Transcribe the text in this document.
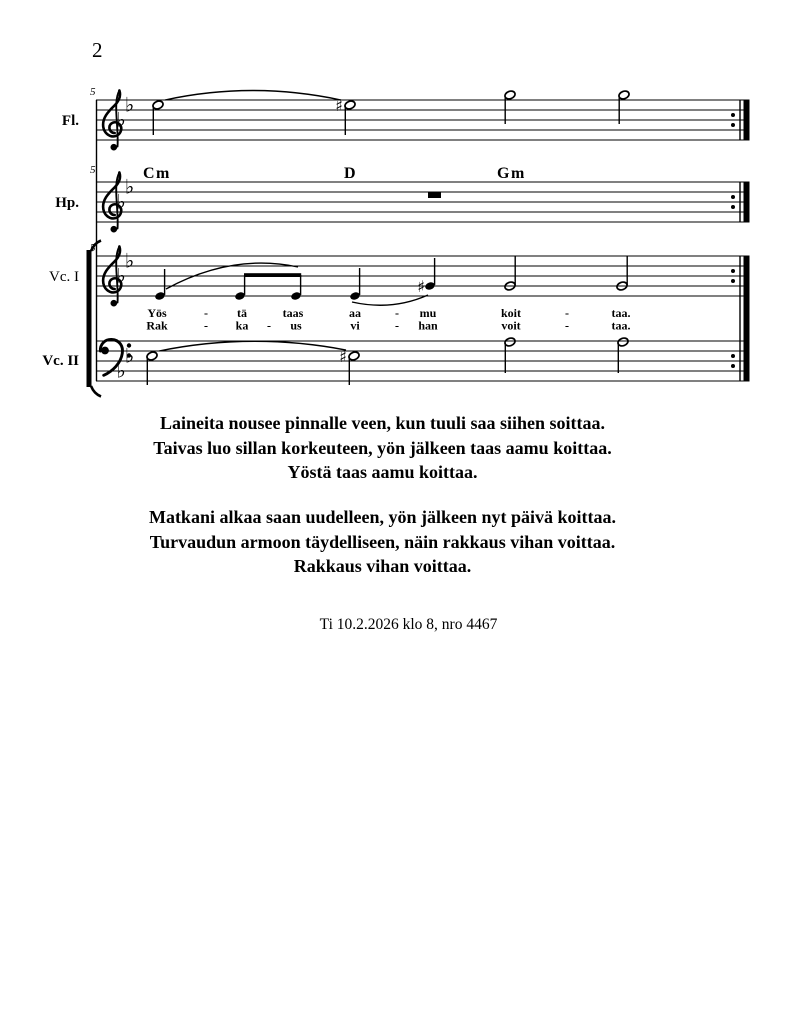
2
5
Fl. ♭
♭	♯
5
Hp. ♭
♭
Cm	D	Gm
5
Vc. I ♭
♭
♯
Yös	- tä	taas	aa	- mu	koit	-	taa.
Rak	- ka - us	vi	- han	voit	-	taa.
Vc. II ♭
♭	♯
Laineita nousee pinnalle veen, kun tuuli saa siihen soittaa.
Taivas luo sillan korkeuteen, yön jälkeen taas aamu koittaa.
Yöstä taas aamu koittaa.
Matkani alkaa saan uudelleen, yön jälkeen nyt päivä koittaa.
Turvaudun armoon täydelliseen, näin rakkaus vihan voittaa.
Rakkaus vihan voittaa.
Ti 10.2.2026 klo 8, nro 4467
